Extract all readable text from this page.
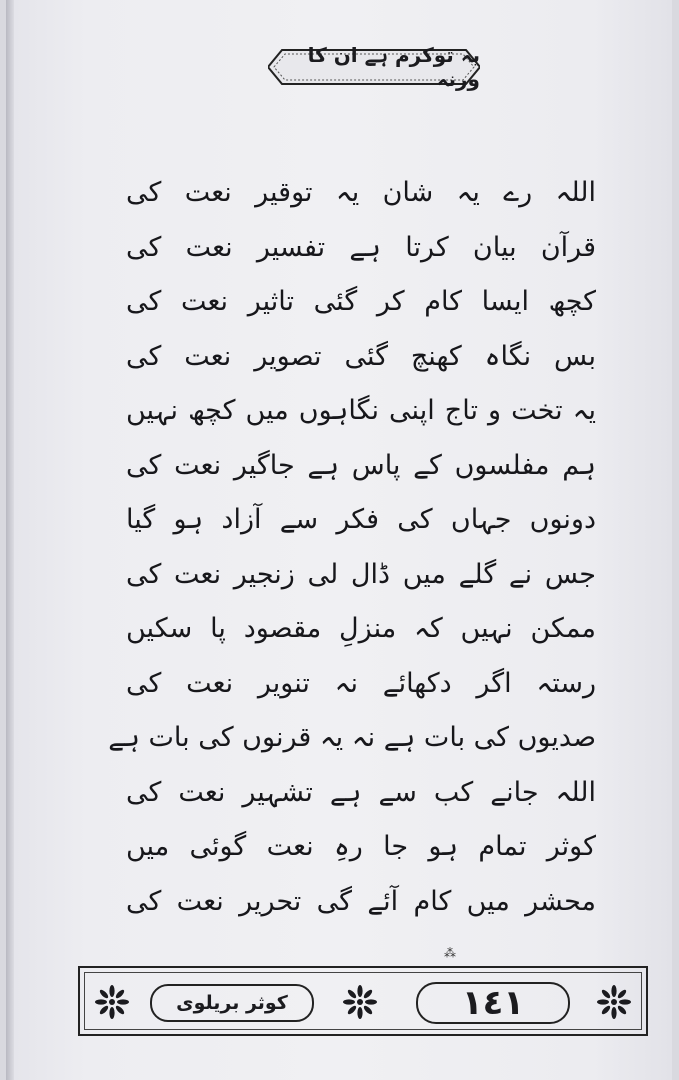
یہ توکرم ہے ان کا ورنہ
اللہ رے یہ شان یہ توقیر نعت کی
قرآن بیان کرتا ہے تفسیر نعت کی
کچھ ایسا کام کر گئی تاثیر نعت کی
بس نگاہ کھنچ گئی تصویر نعت کی
یہ تخت و تاج اپنی نگاہوں میں کچھ نہیں
ہم مفلسوں کے پاس ہے جاگیر نعت کی
دونوں جہاں کی فکر سے آزاد ہو گیا
جس نے گلے میں ڈال لی زنجیر نعت کی
ممکن نہیں کہ منزلِ مقصود پا سکیں
رستہ اگر دکھائے نہ تنویر نعت کی
صدیوں کی بات ہے نہ یہ قرنوں کی بات ہے
اللہ جانے کب سے ہے تشہیر نعت کی
کوثر تمام ہو جا رہِ نعت گوئی میں
محشر میں کام آئے گی تحریر نعت کی
⁂
کوثر بریلوی	١٤١
